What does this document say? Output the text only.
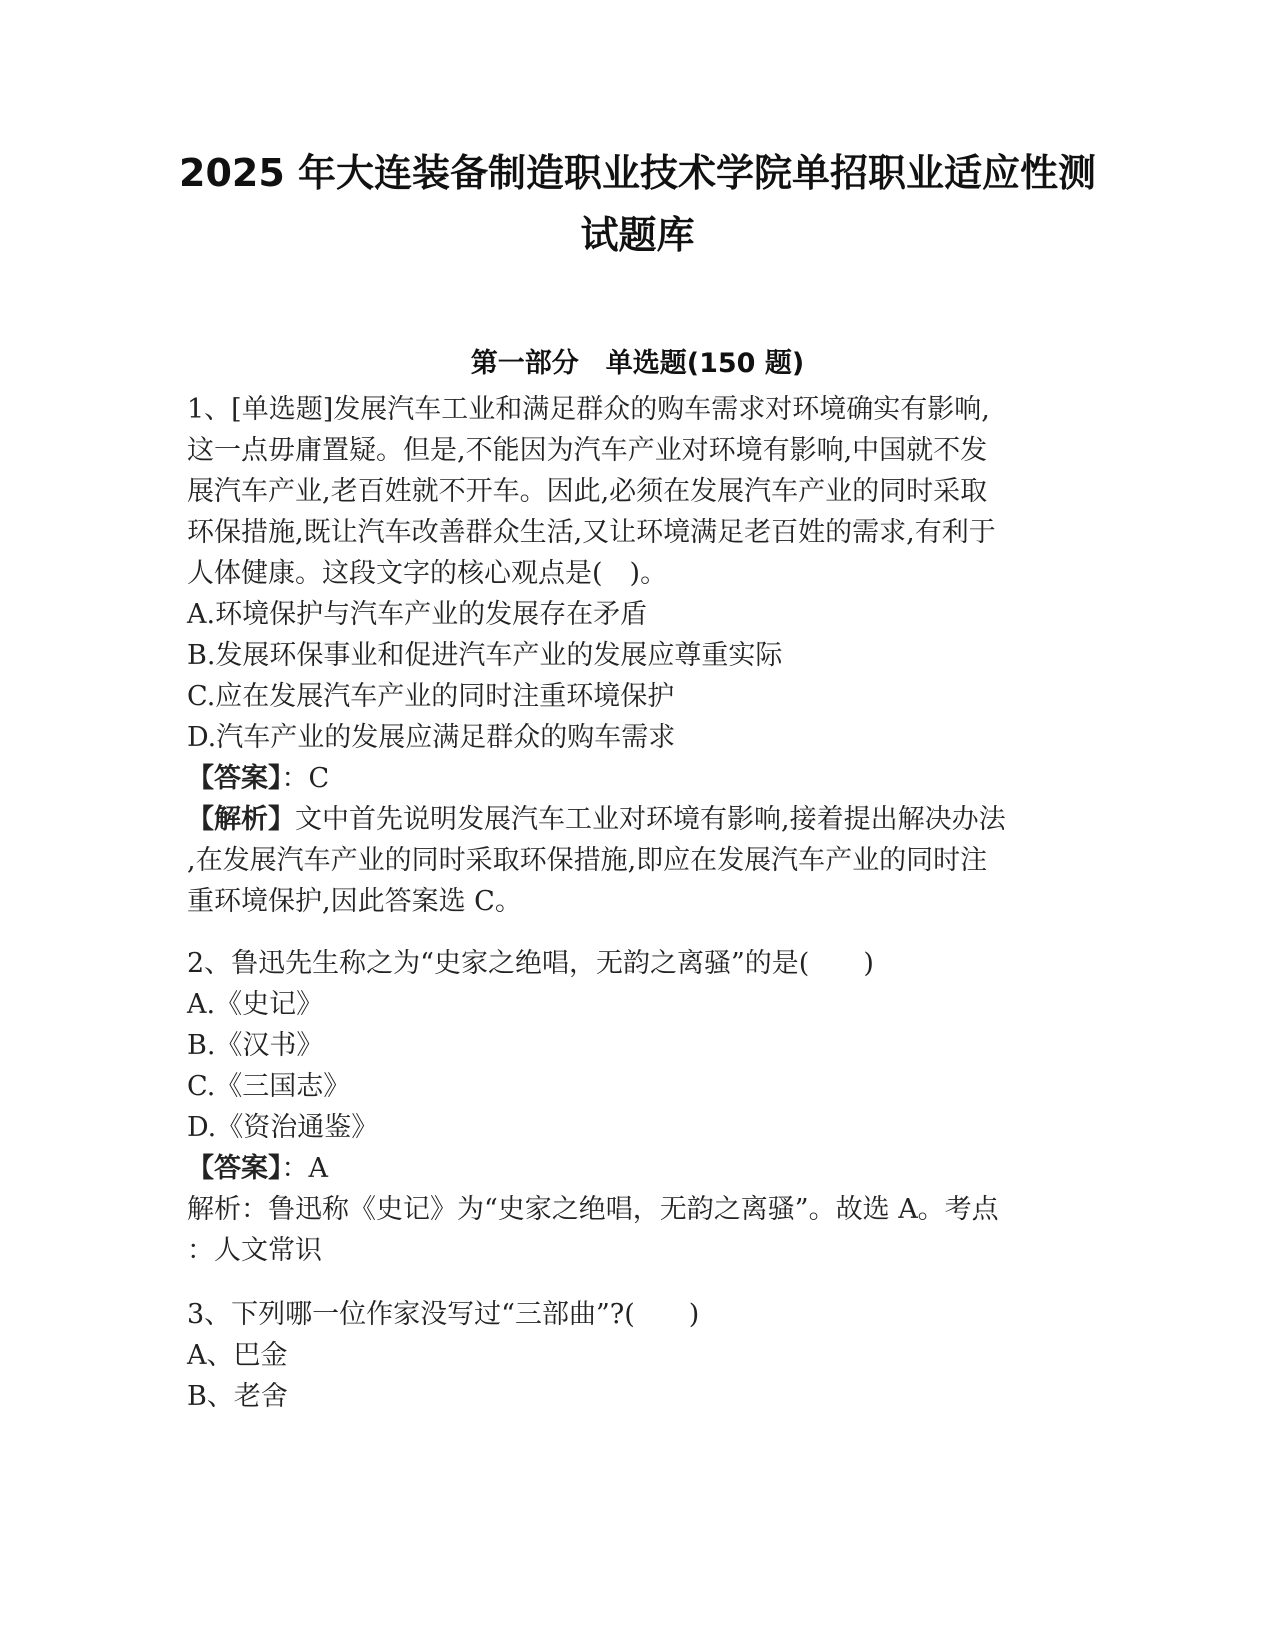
2025 年大连装备制造职业技术学院单招职业适应性测
试题库
第一部分　单选题(150 题)
1、[单选题]发展汽车工业和满足群众的购车需求对环境确实有影响,
这一点毋庸置疑。但是,不能因为汽车产业对环境有影响,中国就不发
展汽车产业,老百姓就不开车。因此,必须在发展汽车产业的同时采取
环保措施,既让汽车改善群众生活,又让环境满足老百姓的需求,有利于
人体健康。这段文字的核心观点是(　)。
A.环境保护与汽车产业的发展存在矛盾
B.发展环保事业和促进汽车产业的发展应尊重实际
C.应在发展汽车产业的同时注重环境保护
D.汽车产业的发展应满足群众的购车需求
【答案】：C
【解析】文中首先说明发展汽车工业对环境有影响,接着提出解决办法
,在发展汽车产业的同时采取环保措施,即应在发展汽车产业的同时注
重环境保护,因此答案选 C。
2、鲁迅先生称之为“史家之绝唱，无韵之离骚”的是(　　)
A.《史记》
B.《汉书》
C.《三国志》
D.《资治通鉴》
【答案】：A
解析：鲁迅称《史记》为“史家之绝唱，无韵之离骚”。故选 A。考点
：人文常识
3、下列哪一位作家没写过“三部曲”?(　　)
A、巴金
B、老舍
